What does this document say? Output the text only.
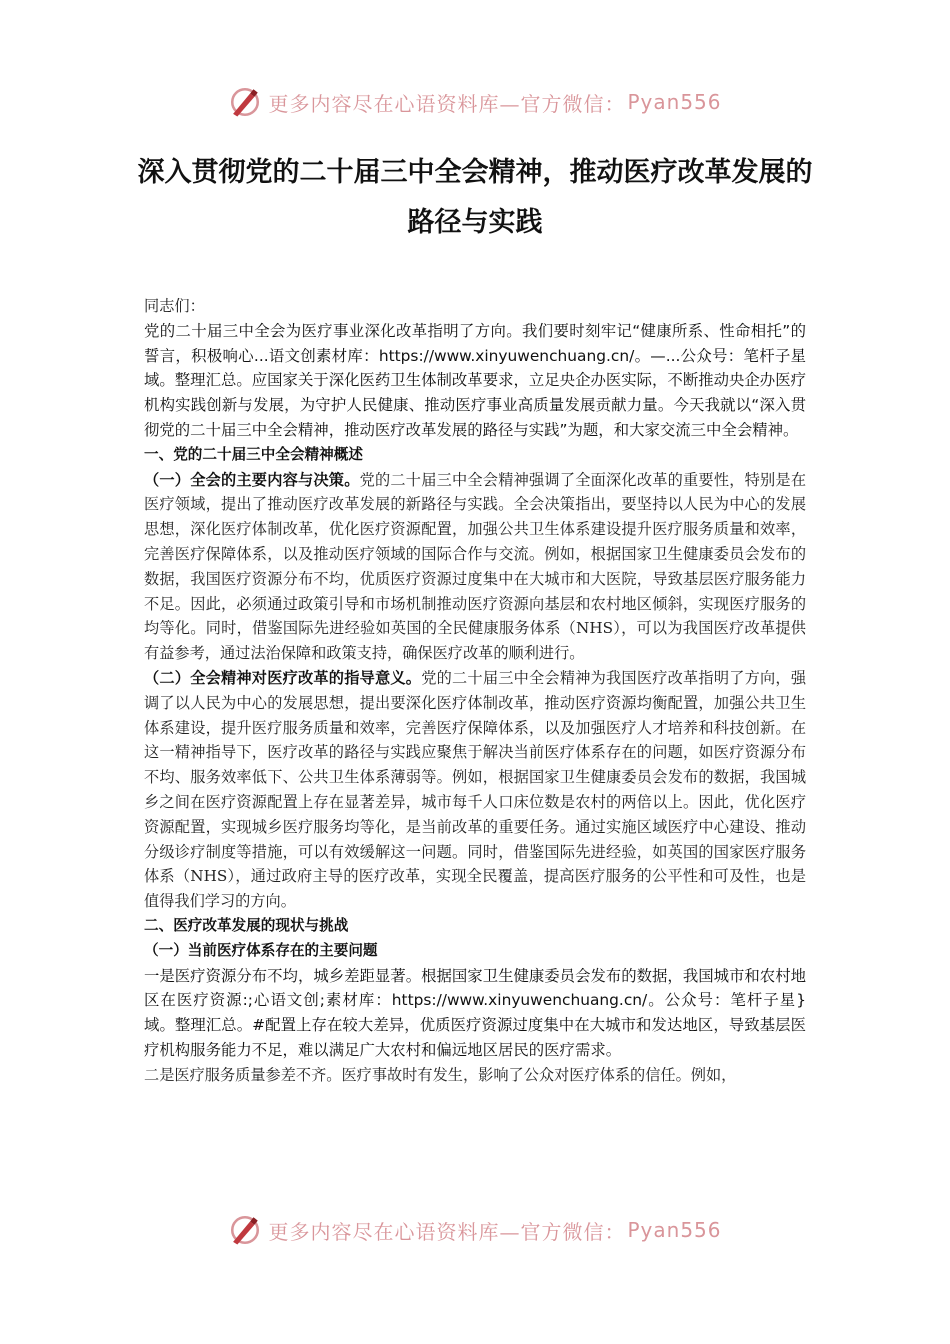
更多内容尽在心语资料库—官方微信： Pyan556
深入贯彻党的二十届三中全会精神，推动医疗改革发展的路径与实践

同志们：

党的二十届三中全会为医疗事业深化改革指明了方向。我们要时刻牢记“健康所系、性命相托”的誓言，积极响心...语文创素材库：https://www.xinyuwenchuang.cn/。—...公众号：笔杆子星域。整理汇总。应国家关于深化医药卫生体制改革要求，立足央企办医实际，不断推动央企办医疗机构实践创新与发展，为守护人民健康、推动医疗事业高质量发展贡献力量。今天我就以“深入贯彻党的二十届三中全会精神，推动医疗改革发展的路径与实践”为题，和大家交流三中全会精神。

一、党的二十届三中全会精神概述

（一）全会的主要内容与决策。党的二十届三中全会精神强调了全面深化改革的重要性，特别是在医疗领域，提出了推动医疗改革发展的新路径与实践。全会决策指出，要坚持以人民为中心的发展思想，深化医疗体制改革，优化医疗资源配置，加强公共卫生体系建设提升医疗服务质量和效率，完善医疗保障体系，以及推动医疗领域的国际合作与交流。例如，根据国家卫生健康委员会发布的数据，我国医疗资源分布不均，优质医疗资源过度集中在大城市和大医院，导致基层医疗服务能力不足。因此，必须通过政策引导和市场机制推动医疗资源向基层和农村地区倾斜，实现医疗服务的均等化。同时，借鉴国际先进经验如英国的全民健康服务体系（NHS），可以为我国医疗改革提供有益参考，通过法治保障和政策支持，确保医疗改革的顺利进行。

（二）全会精神对医疗改革的指导意义。党的二十届三中全会精神为我国医疗改革指明了方向，强调了以人民为中心的发展思想，提出要深化医疗体制改革，推动医疗资源均衡配置，加强公共卫生体系建设，提升医疗服务质量和效率，完善医疗保障体系，以及加强医疗人才培养和科技创新。在这一精神指导下，医疗改革的路径与实践应聚焦于解决当前医疗体系存在的问题，如医疗资源分布不均、服务效率低下、公共卫生体系薄弱等。例如，根据国家卫生健康委员会发布的数据，我国城乡之间在医疗资源配置上存在显著差异，城市每千人口床位数是农村的两倍以上。因此，优化医疗资源配置，实现城乡医疗服务均等化，是当前改革的重要任务。通过实施区域医疗中心建设、推动分级诊疗制度等措施，可以有效缓解这一问题。同时，借鉴国际先进经验，如英国的国家医疗服务体系（NHS），通过政府主导的医疗改革，实现全民覆盖，提高医疗服务的公平性和可及性，也是值得我们学习的方向。

二、医疗改革发展的现状与挑战

（一）当前医疗体系存在的主要问题

一是医疗资源分布不均，城乡差距显著。根据国家卫生健康委员会发布的数据，我国城市和农村地区在医疗资源:;心语文创;素材库：https://www.xinyuwenchuang.cn/。公众号：笔杆子星}域。整理汇总。#配置上存在较大差异，优质医疗资源过度集中在大城市和发达地区，导致基层医疗机构服务能力不足，难以满足广大农村和偏远地区居民的医疗需求。

二是医疗服务质量参差不齐。医疗事故时有发生，影响了公众对医疗体系的信任。例如，

更多内容尽在心语资料库—官方微信： Pyan556
